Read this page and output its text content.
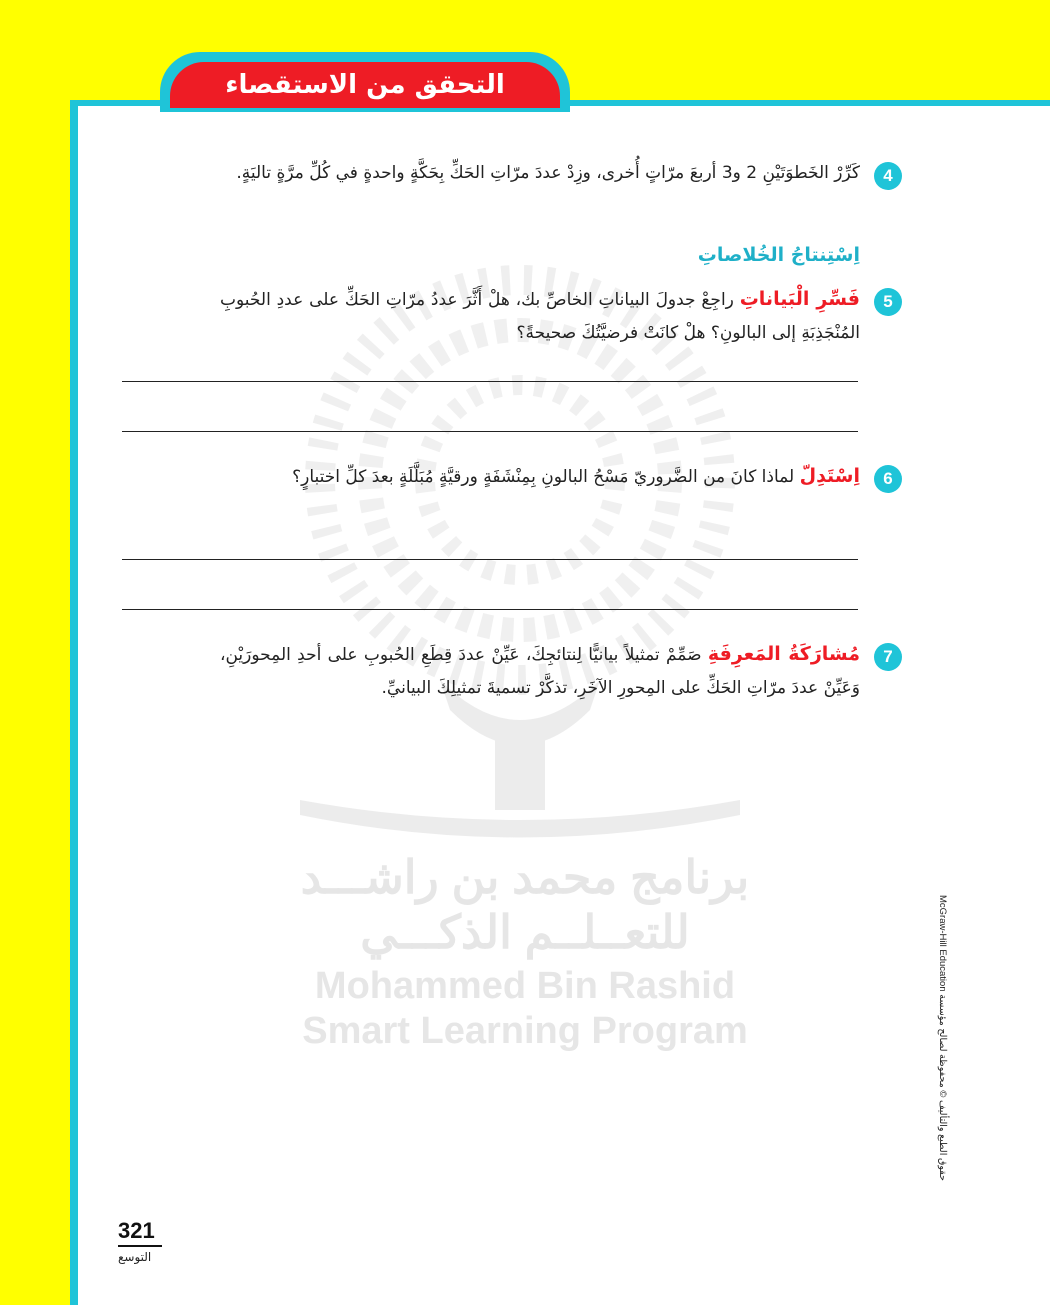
التحقق من الاستقصاء
برنامج محمد بن راشـــد
للتعــلــم الذكـــي
Mohammed Bin Rashid
Smart Learning Program
4
كَرِّرْ الخَطوَتَيْنِ 2 و3 أربعَ مرّاتٍ أُخرى، وزِدْ عددَ مرّاتِ الحَكِّ بِحَكَّةٍ واحدةٍ في كُلِّ مرَّةٍ تاليَةٍ.
اِسْتِنتاجُ الخُلاصاتِ
5
فَسِّرِ الْبَياناتِ راجِعْ جدولَ البياناتِ الخاصِّ بك، هلْ أَثَّرَ عددُ مرّاتِ الحَكِّ على عددِ الحُبوبِ المُنْجَذِبَةِ إلى البالونِ؟ هلْ كانَتْ فرضيَّتُكَ صحيحةً؟
6
اِسْتَدِلّ لماذا كانَ من الضَّروريّ مَسْحُ البالونِ بِمِنْشَفَةٍ ورقيَّةٍ مُبَلَّلَةٍ بعدَ كلِّ اختبارٍ؟
7
مُشارَكَةُ المَعرِفَةِ صَمِّمْ تمثيلاً بيانيًّا لِنتائجِكَ، عَيِّنْ عددَ قِطَعِ الحُبوبِ على أحدِ المِحورَيْنِ، وَعَيِّنْ عددَ مرّاتِ الحَكِّ على المِحورِ الآخَرِ، تذكَّرْ تسميةَ تمثيلِكَ البيانيِّ.
McGraw-Hill Education حقوق الطبع والتأليف © محفوظة لصالح مؤسسة
321
التوسع
